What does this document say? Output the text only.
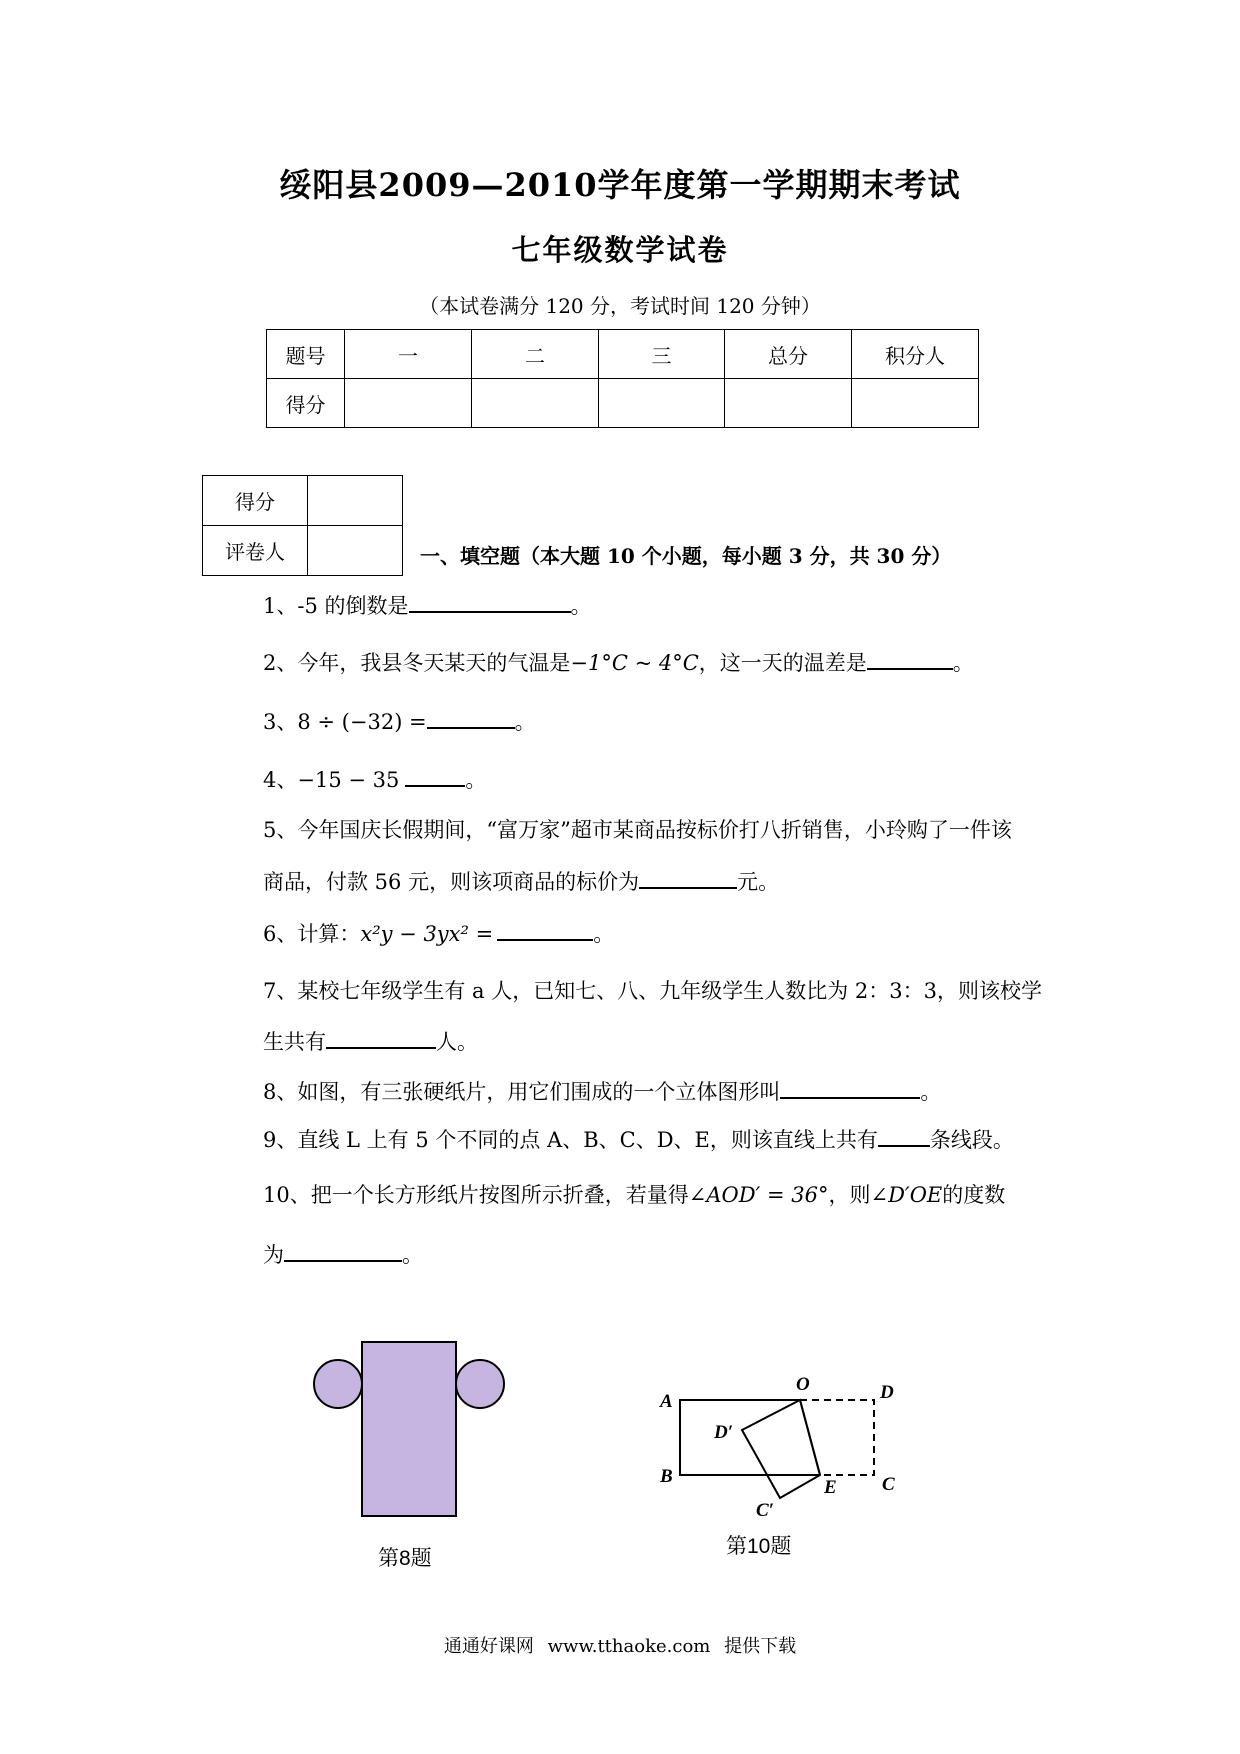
绥阳县2009—2010学年度第一学期期末考试
七年级数学试卷
（本试卷满分 120 分，考试时间 120 分钟）
题号	一	二	三	总分	积分人
得分					
得分	
评卷人		一、填空题（本大题 10 个小题，每小题 3 分，共 30 分）
1、-5 的倒数是	。
2、今年，我县冬天某天的气温是−1°C ~ 4°C，这一天的温差是	。
3、8 ÷ (−32) =	。
4、−15 − 35	。
5、今年国庆长假期间，“富万家”超市某商品按标价打八折销售，小玲购了一件该
商品，付款 56 元，则该项商品的标价为	元。
6、计算：x²y − 3yx² =	。
7、某校七年级学生有 a 人，已知七、八、九年级学生人数比为 2：3：3，则该校学
生共有	人。
8、如图，有三张硬纸片，用它们围成的一个立体图形叫	。
9、直线 L 上有 5 个不同的点 A、B、C、D、E，则该直线上共有 条线段。
10、把一个长方形纸片按图所示折叠，若量得∠AOD′ = 36°，则∠D′OE的度数
为	。
第8题
A
B
O	D
C
E
D′
C′
第10题
通通好课网 www.tthaoke.com 提供下载
